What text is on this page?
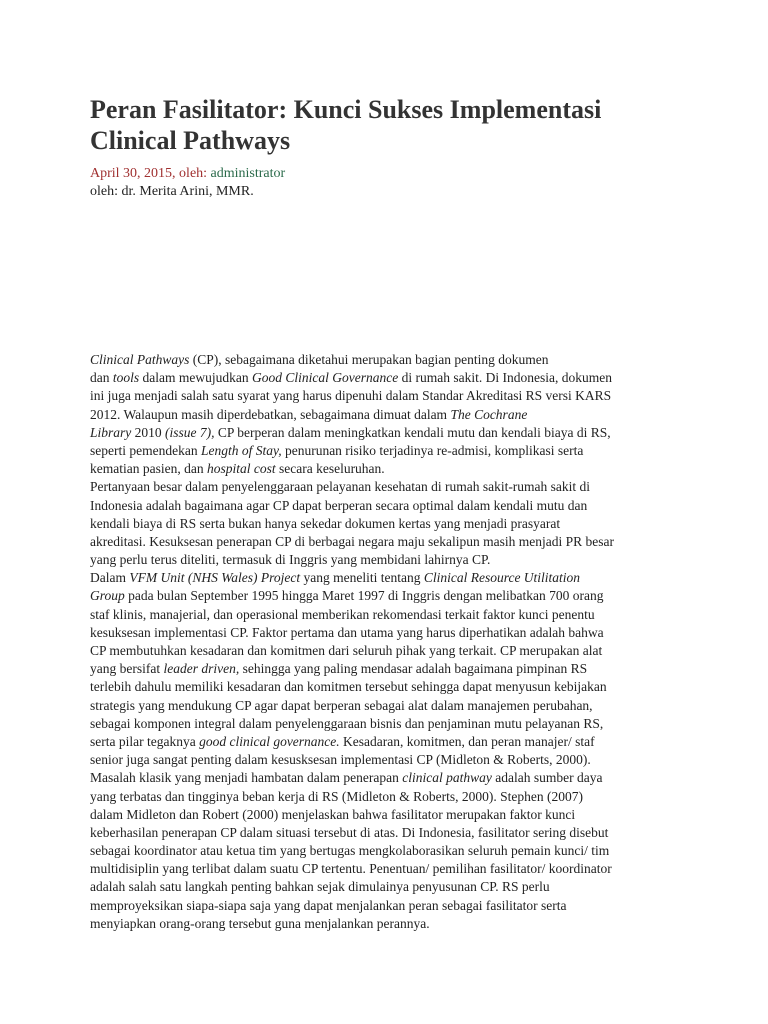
Peran Fasilitator: Kunci Sukses Implementasi Clinical Pathways
April 30, 2015, oleh: administrator
oleh: dr. Merita Arini, MMR.
Clinical Pathways (CP), sebagaimana diketahui merupakan bagian penting dokumen
dan tools dalam mewujudkan Good Clinical Governance di rumah sakit. Di Indonesia, dokumen
ini juga menjadi salah satu syarat yang harus dipenuhi dalam Standar Akreditasi RS versi KARS
2012. Walaupun masih diperdebatkan, sebagaimana dimuat dalam The Cochrane
Library 2010 (issue 7), CP berperan dalam meningkatkan kendali mutu dan kendali biaya di RS,
seperti pemendekan Length of Stay, penurunan risiko terjadinya re-admisi, komplikasi serta
kematian pasien, dan hospital cost secara keseluruhan.
Pertanyaan besar dalam penyelenggaraan pelayanan kesehatan di rumah sakit-rumah sakit di
Indonesia adalah bagaimana agar CP dapat berperan secara optimal dalam kendali mutu dan
kendali biaya di RS serta bukan hanya sekedar dokumen kertas yang menjadi prasyarat
akreditasi. Kesuksesan penerapan CP di berbagai negara maju sekalipun masih menjadi PR besar
yang perlu terus diteliti, termasuk di Inggris yang membidani lahirnya CP.
Dalam VFM Unit (NHS Wales) Project yang meneliti tentang Clinical Resource Utilitation
Group pada bulan September 1995 hingga Maret 1997 di Inggris dengan melibatkan 700 orang
staf klinis, manajerial, dan operasional memberikan rekomendasi terkait faktor kunci penentu
kesuksesan implementasi CP. Faktor pertama dan utama yang harus diperhatikan adalah bahwa
CP membutuhkan kesadaran dan komitmen dari seluruh pihak yang terkait. CP merupakan alat
yang bersifat leader driven, sehingga yang paling mendasar adalah bagaimana pimpinan RS
terlebih dahulu memiliki kesadaran dan komitmen tersebut sehingga dapat menyusun kebijakan
strategis yang mendukung CP agar dapat berperan sebagai alat dalam manajemen perubahan,
sebagai komponen integral dalam penyelenggaraan bisnis dan penjaminan mutu pelayanan RS,
serta pilar tegaknya good clinical governance. Kesadaran, komitmen, dan peran manajer/ staf
senior juga sangat penting dalam kesusksesan implementasi CP (Midleton & Roberts, 2000).
Masalah klasik yang menjadi hambatan dalam penerapan clinical pathway adalah sumber daya
yang terbatas dan tingginya beban kerja di RS (Midleton & Roberts, 2000). Stephen (2007)
dalam Midleton dan Robert (2000) menjelaskan bahwa fasilitator merupakan faktor kunci
keberhasilan penerapan CP dalam situasi tersebut di atas. Di Indonesia, fasilitator sering disebut
sebagai koordinator atau ketua tim yang bertugas mengkolaborasikan seluruh pemain kunci/ tim
multidisiplin yang terlibat dalam suatu CP tertentu. Penentuan/ pemilihan fasilitator/ koordinator
adalah salah satu langkah penting bahkan sejak dimulainya penyusunan CP. RS perlu
memproyeksikan siapa-siapa saja yang dapat menjalankan peran sebagai fasilitator serta
menyiapkan orang-orang tersebut guna menjalankan perannya.
